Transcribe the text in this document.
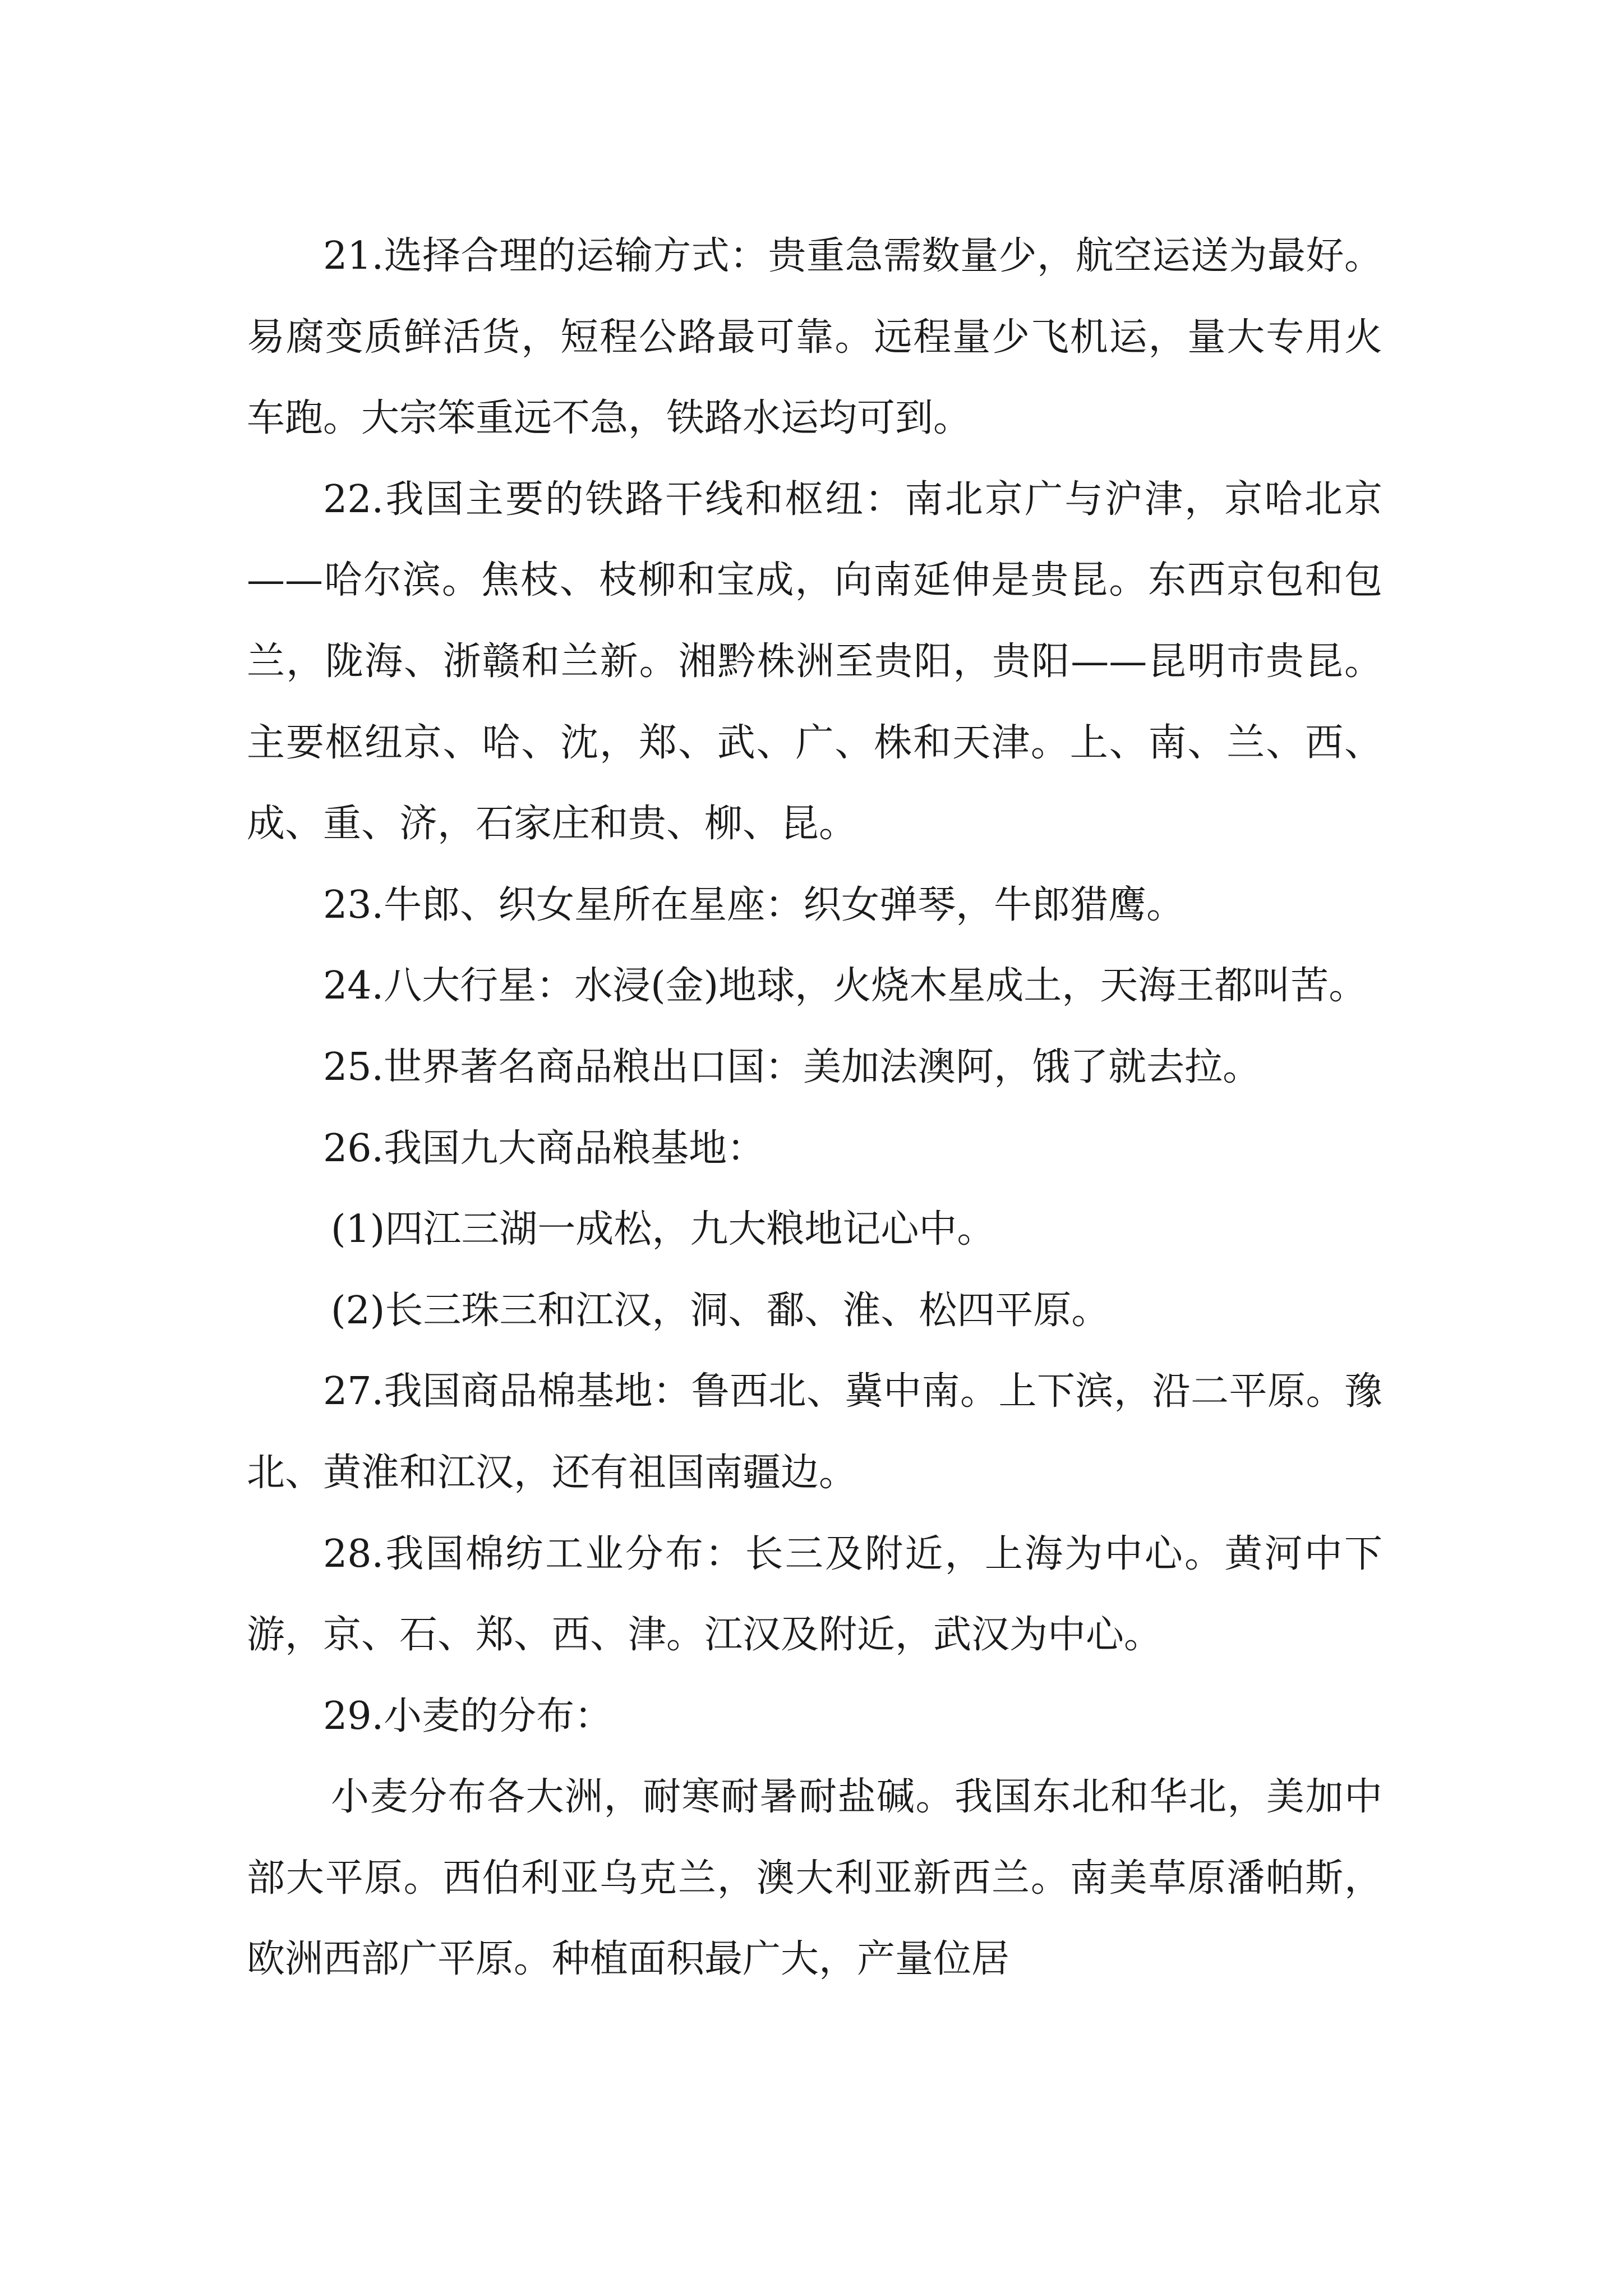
21.选择合理的运输方式：贵重急需数量少，航空运送为最好。易腐变质鲜活货，短程公路最可靠。远程量少飞机运，量大专用火车跑。大宗笨重远不急，铁路水运均可到。

22.我国主要的铁路干线和枢纽：南北京广与沪津，京哈北京——哈尔滨。焦枝、枝柳和宝成，向南延伸是贵昆。东西京包和包兰，陇海、浙赣和兰新。湘黔株洲至贵阳，贵阳——昆明市贵昆。主要枢纽京、哈、沈，郑、武、广、株和天津。上、南、兰、西、成、重、济，石家庄和贵、柳、昆。

23.牛郎、织女星所在星座：织女弹琴，牛郎猎鹰。

24.八大行星：水浸(金)地球，火烧木星成土，天海王都叫苦。

25.世界著名商品粮出口国：美加法澳阿，饿了就去拉。

26.我国九大商品粮基地：

(1)四江三湖一成松，九大粮地记心中。

(2)长三珠三和江汉，洞、鄱、淮、松四平原。

27.我国商品棉基地：鲁西北、冀中南。上下滨，沿二平原。豫北、黄淮和江汉，还有祖国南疆边。

28.我国棉纺工业分布：长三及附近，上海为中心。黄河中下游，京、石、郑、西、津。江汉及附近，武汉为中心。

29.小麦的分布：

小麦分布各大洲，耐寒耐暑耐盐碱。我国东北和华北，美加中部大平原。西伯利亚乌克兰，澳大利亚新西兰。南美草原潘帕斯，欧洲西部广平原。种植面积最广大，产量位居
